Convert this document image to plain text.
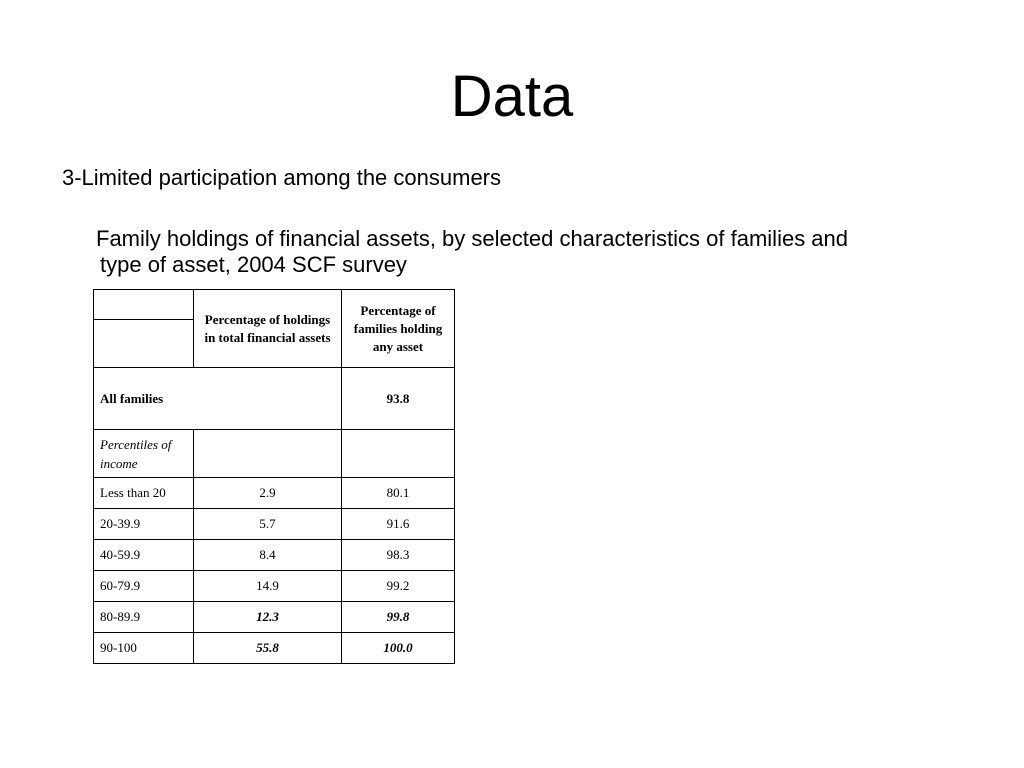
Data
3-Limited participation among the consumers
Family holdings of financial assets, by selected characteristics of families and
type of asset, 2004 SCF survey
	Percentage of holdings in total financial assets	Percentage of families holding any asset

All families		93.8
Percentiles of income		
Less than 20	2.9	80.1
20-39.9	5.7	91.6
40-59.9	8.4	98.3
60-79.9	14.9	99.2
80-89.9	12.3	99.8
90-100	55.8	100.0
